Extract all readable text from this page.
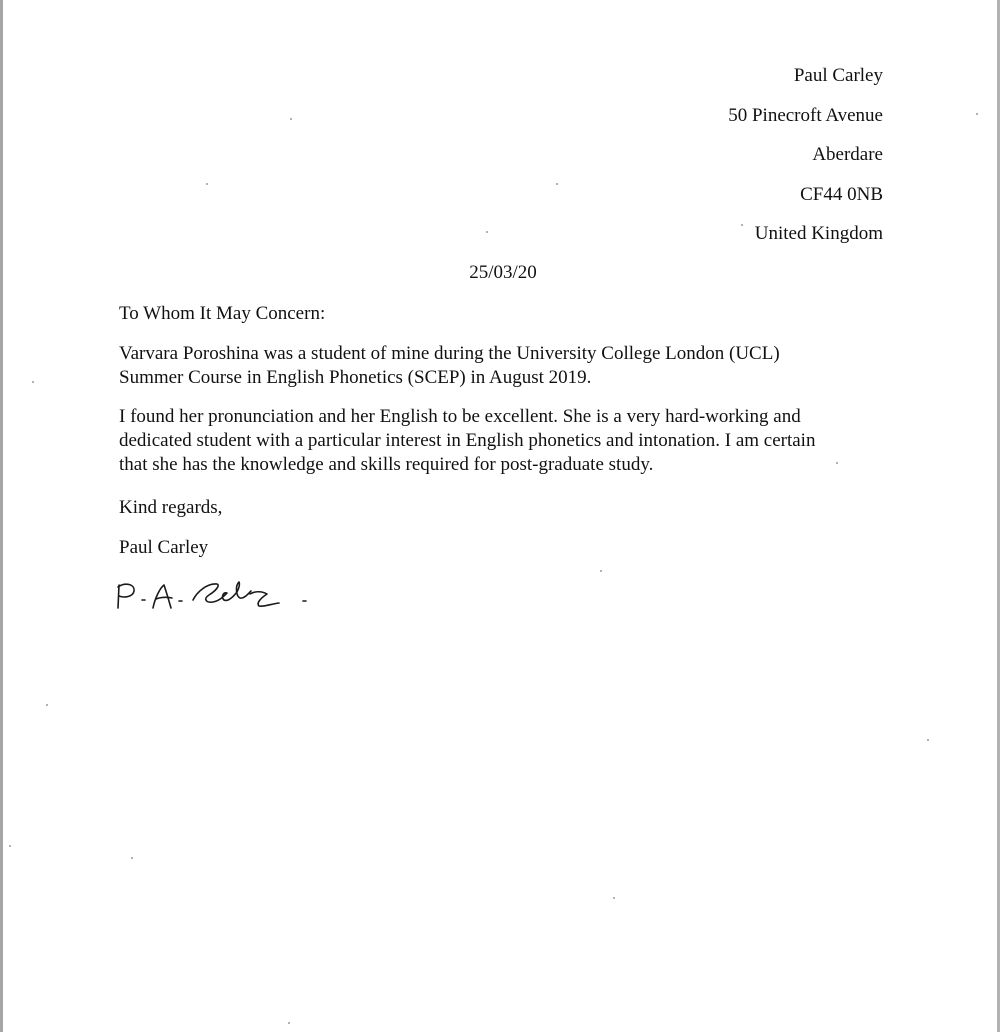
Paul Carley
50 Pinecroft Avenue
Aberdare
CF44 0NB
United Kingdom
25/03/20
To Whom It May Concern:
Varvara Poroshina was a student of mine during the University College London (UCL)
Summer Course in English Phonetics (SCEP) in August 2019.
I found her pronunciation and her English to be excellent. She is a very hard-working and
dedicated student with a particular interest in English phonetics and intonation. I am certain
that she has the knowledge and skills required for post-graduate study.
Kind regards,
Paul Carley
